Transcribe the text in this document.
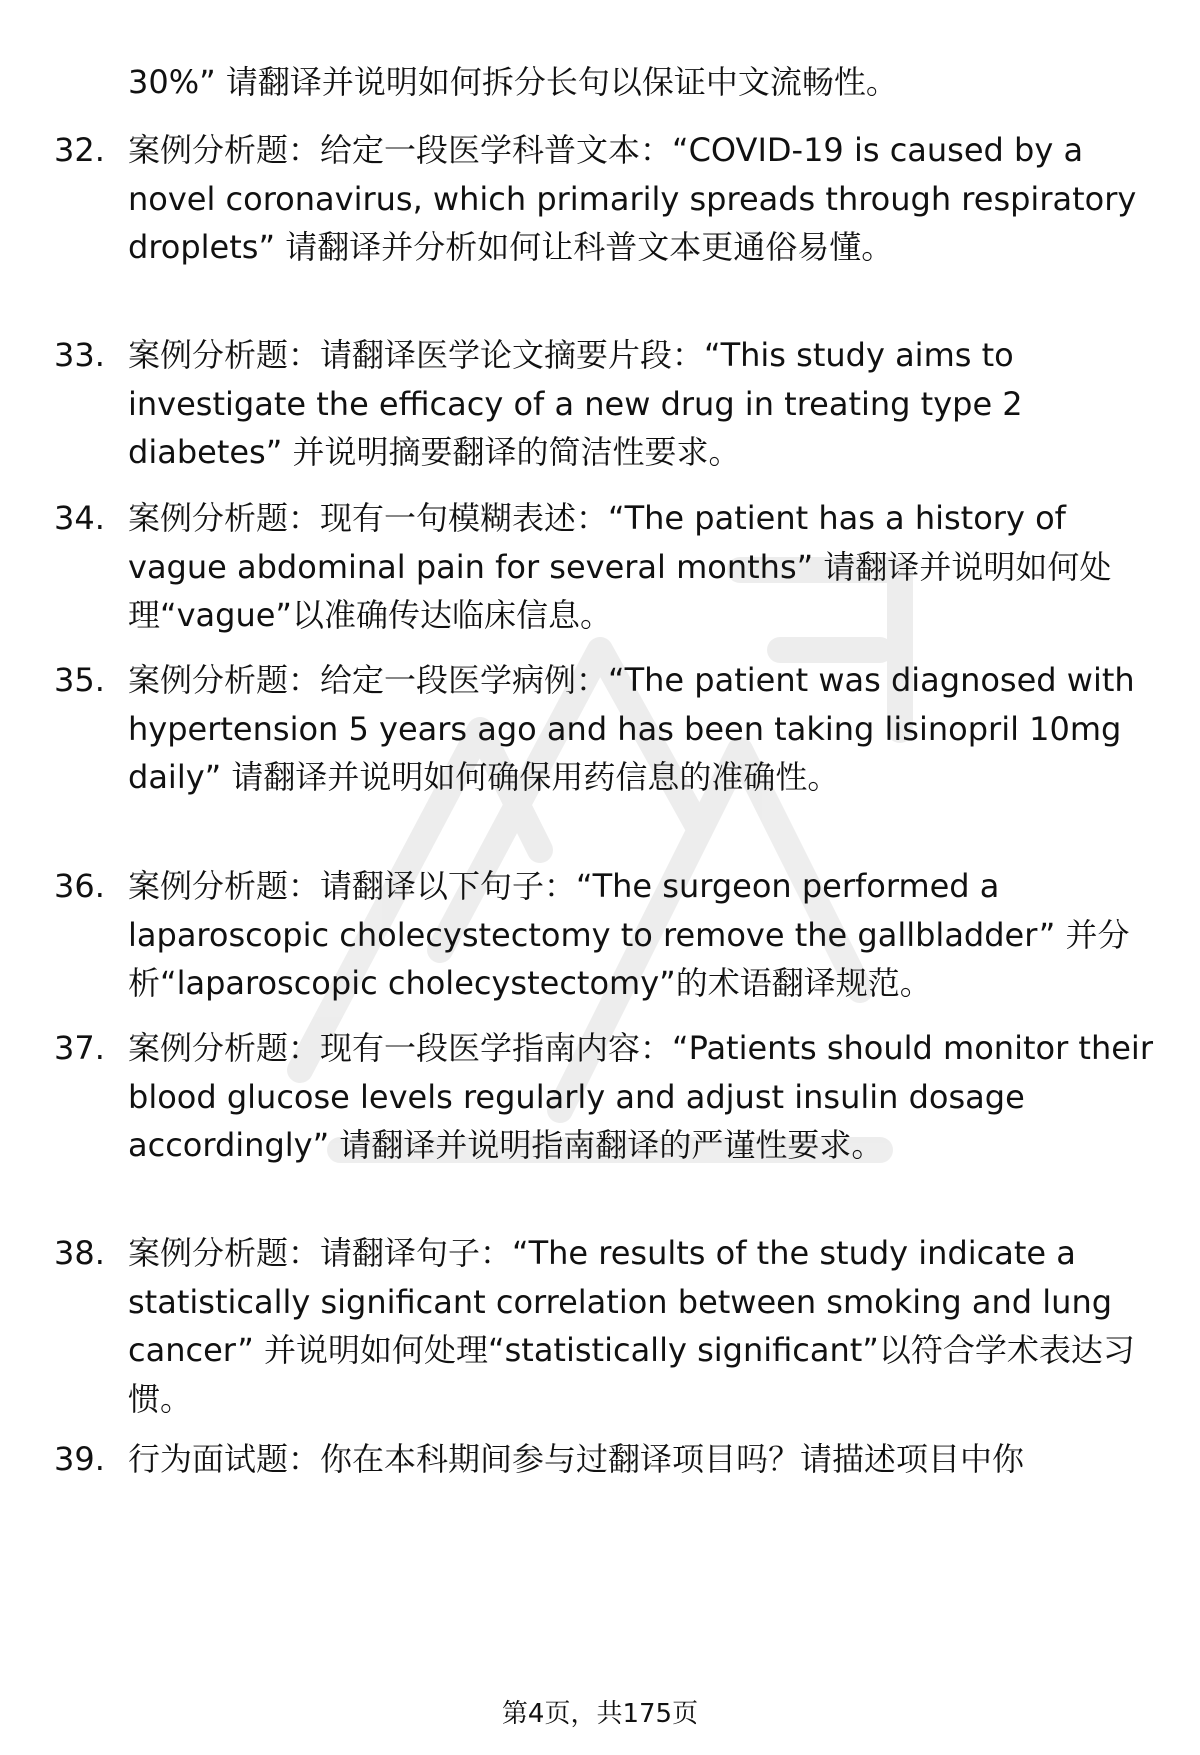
30%” 请翻译并说明如何拆分长句以保证中文流畅性。
32. 案例分析题：给定一段医学科普文本：“COVID-19 is caused by a novel coronavirus, which primarily spreads through respiratory droplets” 请翻译并分析如何让科普文本更通俗易懂。
33. 案例分析题：请翻译医学论文摘要片段：“This study aims to investigate the efficacy of a new drug in treating type 2 diabetes” 并说明摘要翻译的简洁性要求。
34. 案例分析题：现有一句模糊表述：“The patient has a history of vague abdominal pain for several months” 请翻译并说明如何处理“vague”以准确传达临床信息。
35. 案例分析题：给定一段医学病例：“The patient was diagnosed with hypertension 5 years ago and has been taking lisinopril 10mg daily” 请翻译并说明如何确保用药信息的准确性。
36. 案例分析题：请翻译以下句子：“The surgeon performed a laparoscopic cholecystectomy to remove the gallbladder” 并分析“laparoscopic cholecystectomy”的术语翻译规范。
37. 案例分析题：现有一段医学指南内容：“Patients should monitor their blood glucose levels regularly and adjust insulin dosage accordingly” 请翻译并说明指南翻译的严谨性要求。
38. 案例分析题：请翻译句子：“The results of the study indicate a statistically significant correlation between smoking and lung cancer” 并说明如何处理“statistically significant”以符合学术表达习惯。
39. 行为面试题：你在本科期间参与过翻译项目吗？请描述项目中你
第4页，共175页
